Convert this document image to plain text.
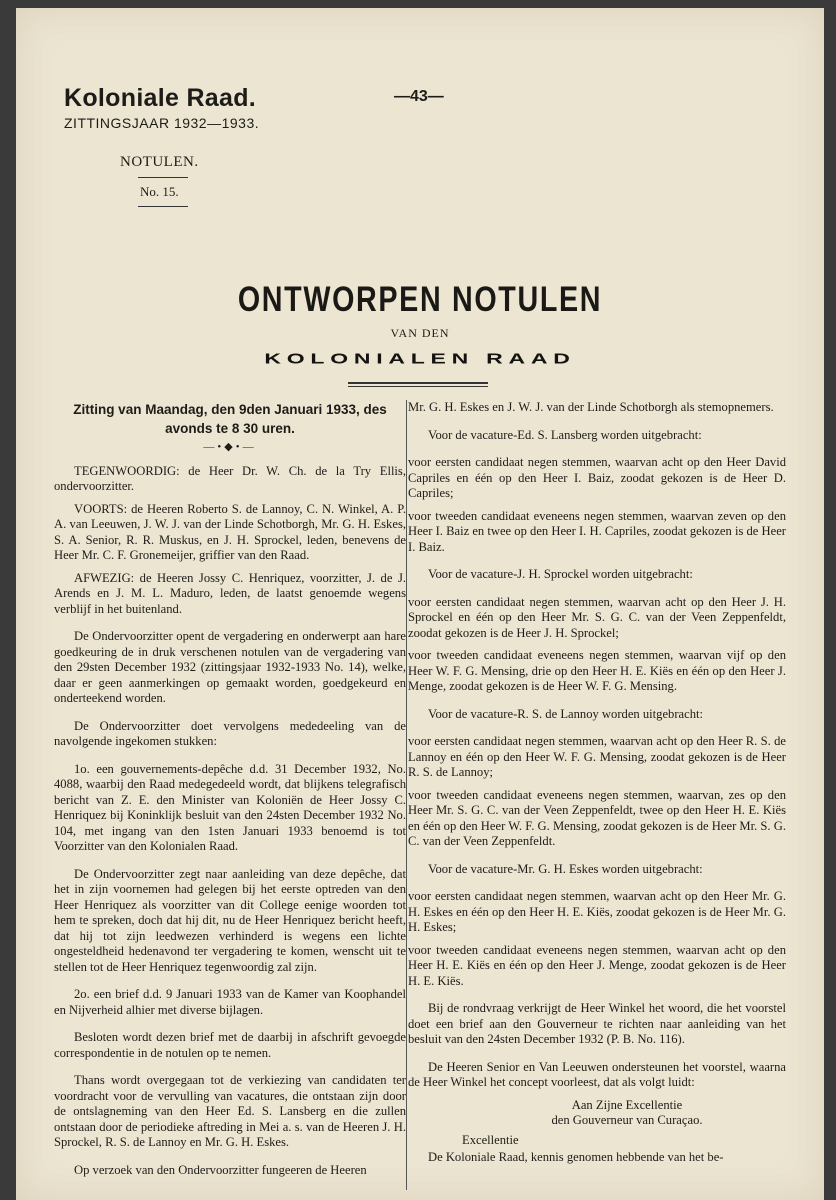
Koloniale Raad.
ZITTINGSJAAR 1932—1933.
—43—
NOTULEN.
No. 15.
ONTWORPEN NOTULEN
VAN DEN
KOLONIALEN RAAD
Zitting van Maandag, den 9den Januari 1933, des avonds te 8 30 uren.
—•◆•—

TEGENWOORDIG: de Heer Dr. W. Ch. de la Try Ellis, ondervoorzitter.

VOORTS: de Heeren Roberto S. de Lannoy, C. N. Winkel, A. P. A. van Leeuwen, J. W. J. van der Linde Schotborgh, Mr. G. H. Eskes, S. A. Senior, R. R. Muskus, en J. H. Sprockel, leden, benevens de Heer Mr. C. F. Gronemeijer, griffier van den Raad.

AFWEZIG: de Heeren Jossy C. Henriquez, voorzitter, J. de J. Arends en J. M. L. Maduro, leden, de laatst genoemde wegens verblijf in het buitenland.

De Ondervoorzitter opent de vergadering en onderwerpt aan hare goedkeuring de in druk verschenen notulen van de vergadering van den 29sten December 1932 (zittingsjaar 1932-1933 No. 14), welke, daar er geen aanmerkingen op gemaakt worden, goedgekeurd en onderteekend worden.

De Ondervoorzitter doet vervolgens mededeeling van de navolgende ingekomen stukken:

1o. een gouvernements-depêche d.d. 31 December 1932, No. 4088, waarbij den Raad medegedeeld wordt, dat blijkens telegrafisch bericht van Z. E. den Minister van Koloniën de Heer Jossy C. Henriquez bij Koninklijk besluit van den 24sten December 1932 No. 104, met ingang van den 1sten Januari 1933 benoemd is tot Voorzitter van den Kolonialen Raad.

De Ondervoorzitter zegt naar aanleiding van deze depêche, dat het in zijn voornemen had gelegen bij het eerste optreden van den Heer Henriquez als voorzitter van dit College eenige woorden tot hem te spreken, doch dat hij dit, nu de Heer Henriquez bericht heeft, dat hij tot zijn leedwezen verhinderd is wegens een lichte ongesteldheid hedenavond ter vergadering te komen, wenscht uit te stellen tot de Heer Henriquez tegenwoordig zal zijn.

2o. een brief d.d. 9 Januari 1933 van de Kamer van Koophandel en Nijverheid alhier met diverse bijlagen.

Besloten wordt dezen brief met de daarbij in afschrift gevoegde correspondentie in de notulen op te nemen.

Thans wordt overgegaan tot de verkiezing van candidaten ter voordracht voor de vervulling van vacatures, die ontstaan zijn door de ontslagneming van den Heer Ed. S. Lansberg en die zullen ontstaan door de periodieke aftreding in Mei a. s. van de Heeren J. H. Sprockel, R. S. de Lannoy en Mr. G. H. Eskes.

Op verzoek van den Ondervoorzitter fungeeren de Heeren

Mr. G. H. Eskes en J. W. J. van der Linde Schotborgh als stemopnemers.

Voor de vacature-Ed. S. Lansberg worden uitgebracht:

voor eersten candidaat negen stemmen, waarvan acht op den Heer David Capriles en één op den Heer I. Baiz, zoodat gekozen is de Heer D. Capriles;

voor tweeden candidaat eveneens negen stemmen, waarvan zeven op den Heer I. Baiz en twee op den Heer I. H. Capriles, zoodat gekozen is de Heer I. Baiz.

Voor de vacature-J. H. Sprockel worden uitgebracht:

voor eersten candidaat negen stemmen, waarvan acht op den Heer J. H. Sprockel en één op den Heer Mr. S. G. C. van der Veen Zeppenfeldt, zoodat gekozen is de Heer J. H. Sprockel;

voor tweeden candidaat eveneens negen stemmen, waarvan vijf op den Heer W. F. G. Mensing, drie op den Heer H. E. Kiës en één op den Heer J. Menge, zoodat gekozen is de Heer W. F. G. Mensing.

Voor de vacature-R. S. de Lannoy worden uitgebracht:

voor eersten candidaat negen stemmen, waarvan acht op den Heer R. S. de Lannoy en één op den Heer W. F. G. Mensing, zoodat gekozen is de Heer R. S. de Lannoy;

voor tweeden candidaat eveneens negen stemmen, waarvan, zes op den Heer Mr. S. G. C. van der Veen Zeppenfeldt, twee op den Heer H. E. Kiës en één op den Heer W. F. G. Mensing, zoodat gekozen is de Heer Mr. S. G. C. van der Veen Zeppenfeldt.

Voor de vacature-Mr. G. H. Eskes worden uitgebracht:

voor eersten candidaat negen stemmen, waarvan acht op den Heer Mr. G. H. Eskes en één op den Heer H. E. Kiës, zoodat gekozen is de Heer Mr. G. H. Eskes;

voor tweeden candidaat eveneens negen stemmen, waarvan acht op den Heer H. E. Kiës en één op den Heer J. Menge, zoodat gekozen is de Heer H. E. Kiës.

Bij de rondvraag verkrijgt de Heer Winkel het woord, die het voorstel doet een brief aan den Gouverneur te richten naar aanleiding van het besluit van den 24sten December 1932 (P. B. No. 116).

De Heeren Senior en Van Leeuwen ondersteunen het voorstel, waarna de Heer Winkel het concept voorleest, dat als volgt luidt:

Aan Zijne Excellentie

den Gouverneur van Curaçao.

Excellentie

De Koloniale Raad, kennis genomen hebbende van het be-
